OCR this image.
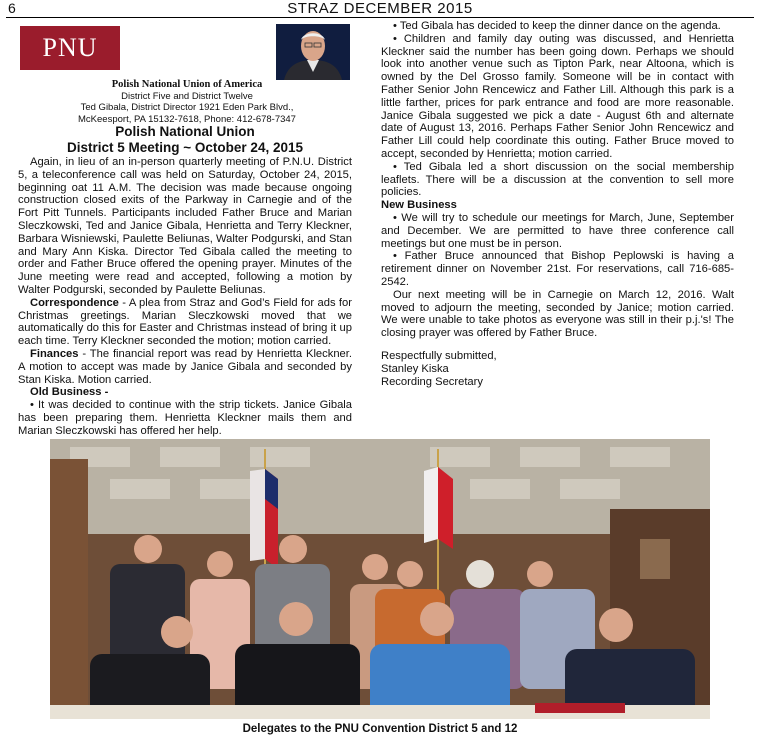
6	STRAZ DECEMBER 2015
PNU
Polish National Union of America
District Five and District Twelve
Ted Gibala, District Director 1921 Eden Park Blvd.,
McKeesport, PA 15132-7618, Phone: 412-678-7347
Polish National Union
District 5 Meeting ~ October 24, 2015

Again, in lieu of an in-person quarterly meeting of P.N.U. District 5, a teleconference call was held on Saturday, October 24, 2015, beginning oat 11 A.M. The decision was made because ongoing construction closed exits of the Parkway in Carnegie and of the Fort Pitt Tunnels. Participants included Father Bruce and Marian Sleczkowski, Ted and Janice Gibala, Henrietta and Terry Kleckner, Barbara Wisniewski, Paulette Beliunas, Walter Podgurski, and Stan and Mary Ann Kiska. Director Ted Gibala called the meeting to order and Father Bruce offered the opening prayer. Minutes of the June meeting were read and accepted, following a motion by Walter Podgurski, seconded by Paulette Beliunas.

Correspondence - A plea from Straz and God’s Field for ads for Christmas greetings. Marian Sleczkowski moved that we automatically do this for Easter and Christmas instead of bring it up each time. Terry Kleckner seconded the motion; motion carried.

Finances - The financial report was read by Henrietta Kleckner. A motion to accept was made by Janice Gibala and seconded by Stan Kiska. Motion carried.

Old Business -

• It was decided to continue with the strip tickets. Janice Gibala has been preparing them. Henrietta Kleckner mails them and Marian Sleczkowski has offered her help.

• Ted Gibala has decided to keep the dinner dance on the agenda.

• Children and family day outing was discussed, and Henrietta Kleckner said the number has been going down. Perhaps we should look into another venue such as Tipton Park, near Altoona, which is owned by the Del Grosso family. Someone will be in contact with Father Senior John Rencewicz and Father Lill. Although this park is a little farther, prices for park entrance and food are more reasonable. Janice Gibala suggested we pick a date - August 6th and alternate date of August 13, 2016. Perhaps Father Senior John Rencewicz and Father Lill could help coordinate this outing. Father Bruce moved to accept, seconded by Henrietta; motion carried.

• Ted Gibala led a short discussion on the social membership leaflets. There will be a discussion at the convention to sell more policies.

New Business

• We will try to schedule our meetings for March, June, September and December. We are permitted to have three conference call meetings but one must be in person.

• Father Bruce announced that Bishop Peplowski is having a retirement dinner on November 21st. For reservations, call 716-685-2542.

Our next meeting will be in Carnegie on March 12, 2016. Walt moved to adjourn the meeting, seconded by Janice; motion carried. We were unable to take photos as everyone was still in their p.j.'s! The closing prayer was offered by Father Bruce.

Respectfully submitted,
Stanley Kiska
Recording Secretary
Delegates to the PNU Convention District 5 and 12
